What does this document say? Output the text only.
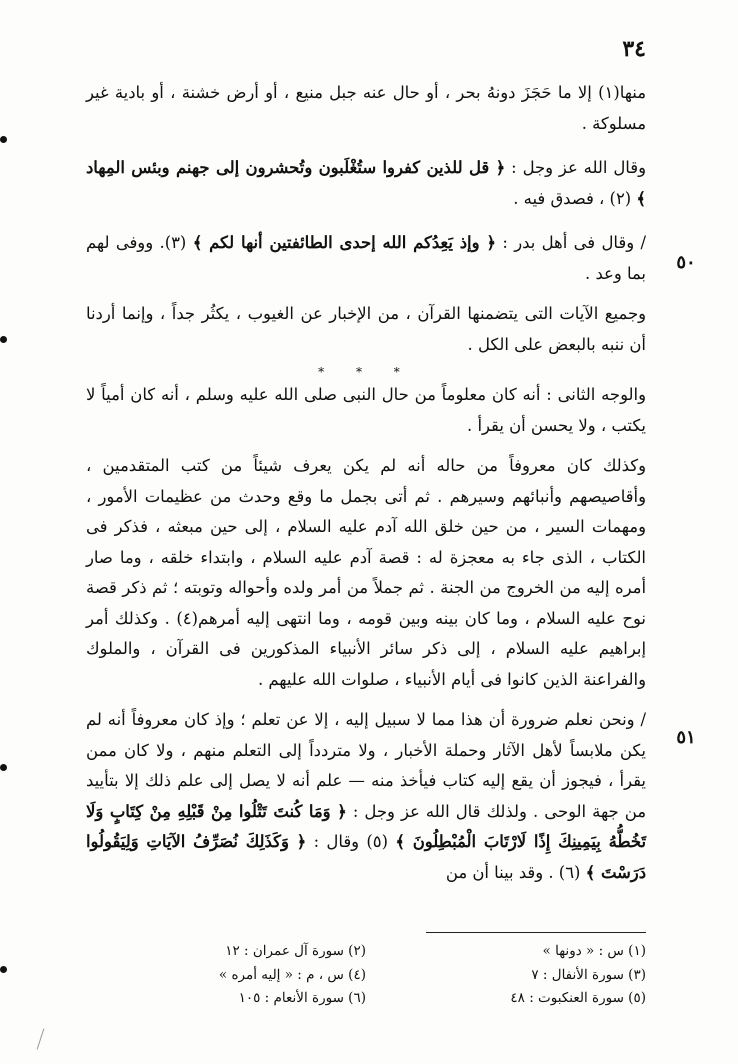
٣٤

منها(١) إلا ما حَجَزَ دونهُ بحر ، أو حال عنه جبل منيع ، أو أرض خشنة ، أو بادية غير مسلوكة .

وقال الله عز وجل : ﴿ قل للذين كفروا ستُغْلَبون وتُحشرون إلى جهنم وبئس المِهاد ﴾ (٢) ، فصدق فيه .

/ وقال فى أهل بدر : ﴿ وإذ يَعِدُكم الله إحدى الطائفتين أنها لكم ﴾ (٣). ووفى لهم بما وعد .

وجميع الآيات التى يتضمنها القرآن ، من الإخبار عن الغيوب ، يكثُر جداً ، وإنما أردنا أن ننبه بالبعض على الكل .

* * *

والوجه الثانى : أنه كان معلوماً من حال النبى صلى الله عليه وسلم ، أنه كان أمياً لا يكتب ، ولا يحسن أن يقرأ .

وكذلك كان معروفاً من حاله أنه لم يكن يعرف شيئاً من كتب المتقدمين ، وأقاصيصهم وأنبائهم وسيرهم . ثم أتى بجمل ما وقع وحدث من عظيمات الأمور ، ومهمات السير ، من حين خلق الله آدم عليه السلام ، إلى حين مبعثه ، فذكر فى الكتاب ، الذى جاء به معجزة له : قصة آدم عليه السلام ، وابتداء خلقه ، وما صار أمره إليه من الخروج من الجنة . ثم جملاً من أمر ولده وأحواله وتوبته ؛ ثم ذكر قصة نوح عليه السلام ، وما كان بينه وبين قومه ، وما انتهى إليه أمرهم(٤) . وكذلك أمر إبراهيم عليه السلام ، إلى ذكر سائر الأنبياء المذكورين فى القرآن ، والملوك والفراعنة الذين كانوا فى أيام الأنبياء ، صلوات الله عليهم .

/ ونحن نعلم ضرورة أن هذا مما لا سبيل إليه ، إلا عن تعلم ؛ وإذ كان معروفاً أنه لم يكن ملابساً لأهل الآثار وحملة الأخبار ، ولا متردداً إلى التعلم منهم ، ولا كان ممن يقرأ ، فيجوز أن يقع إليه كتاب فيأخذ منه — علم أنه لا يصل إلى علم ذلك إلا بتأييد من جهة الوحى . ولذلك قال الله عز وجل : ﴿ وَمَا كُنتَ تَتْلُوا مِنْ قَبْلِهِ مِنْ كِتَابٍ وَلَا تَخُطُّهُ بِيَمِينِكَ إِذًا لَارْتَابَ الْمُبْطِلُونَ ﴾ (٥) وقال : ﴿ وَكَذَلِكَ نُصَرِّفُ الآيَاتِ وَلِيَقُولُوا دَرَسْتَ ﴾ (٦) . وقد بينا أن من

٥٠
٥١
(١) س : « دونها »
(٢) سورة آل عمران : ١٢
(٣) سورة الأنفال : ٧
(٤) س ، م : « إليه أمره »
(٥) سورة العنكبوت : ٤٨
(٦) سورة الأنعام : ١٠٥
